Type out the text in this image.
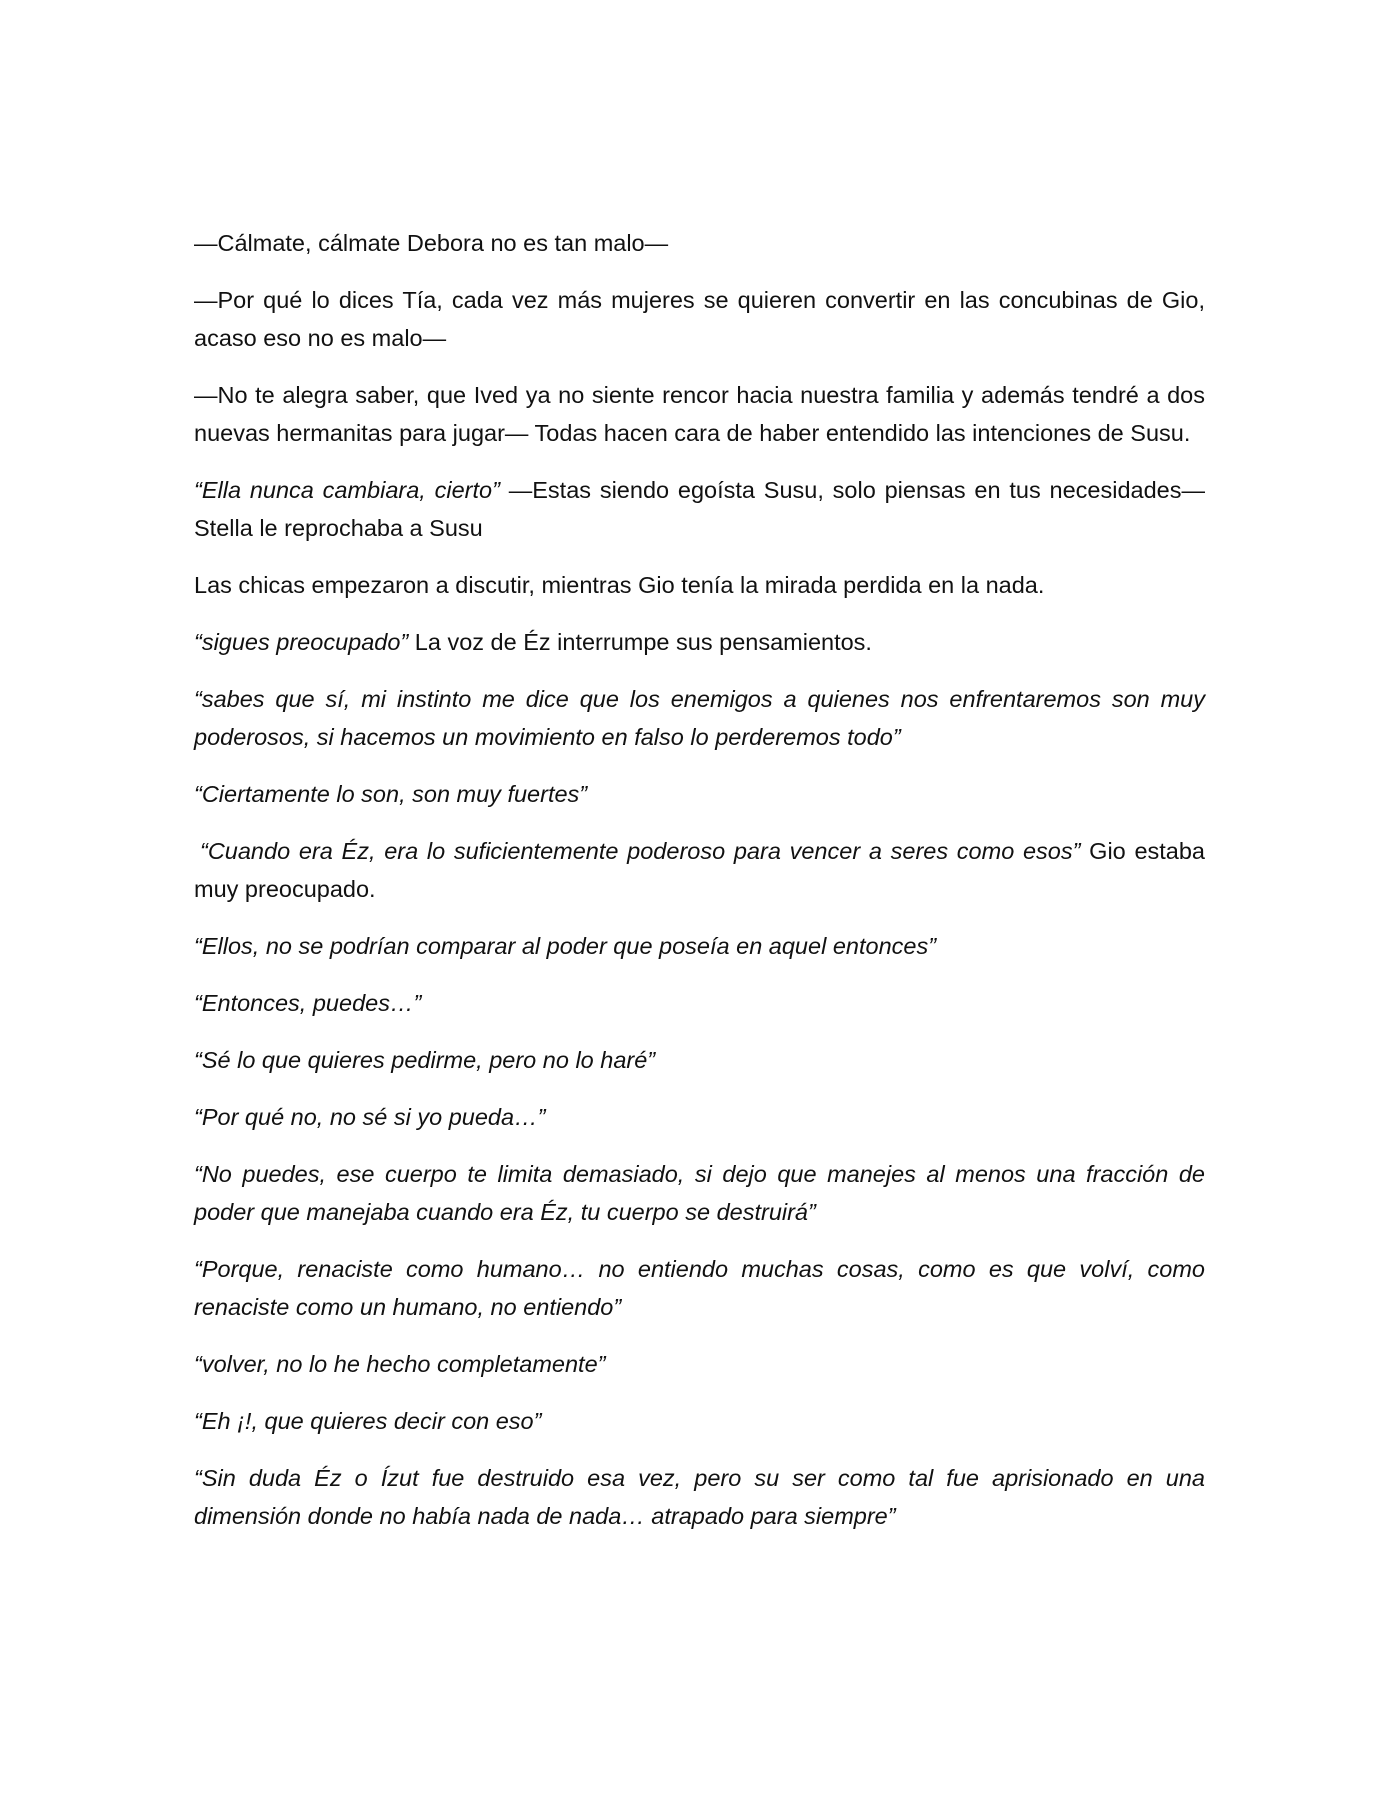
—Cálmate, cálmate Debora no es tan malo—

—Por qué lo dices Tía, cada vez más mujeres se quieren convertir en las concubinas de Gio, acaso eso no es malo—

—No te alegra saber, que Ived ya no siente rencor hacia nuestra familia y además tendré a dos nuevas hermanitas para jugar— Todas hacen cara de haber entendido las intenciones de Susu.

“Ella nunca cambiara, cierto” —Estas siendo egoísta Susu, solo piensas en tus necesidades— Stella le reprochaba a Susu

Las chicas empezaron a discutir, mientras Gio tenía la mirada perdida en la nada.

“sigues preocupado” La voz de Éz interrumpe sus pensamientos.

“sabes que sí, mi instinto me dice que los enemigos a quienes nos enfrentaremos son muy poderosos, si hacemos un movimiento en falso lo perderemos todo”

“Ciertamente lo son, son muy fuertes”

“Cuando era Éz, era lo suficientemente poderoso para vencer a seres como esos” Gio estaba muy preocupado.

“Ellos, no se podrían comparar al poder que poseía en aquel entonces”

“Entonces, puedes…”

“Sé lo que quieres pedirme, pero no lo haré”

“Por qué no, no sé si yo pueda…”

“No puedes, ese cuerpo te limita demasiado, si dejo que manejes al menos una fracción de poder que manejaba cuando era Éz, tu cuerpo se destruirá”

“Porque, renaciste como humano… no entiendo muchas cosas, como es que volví, como renaciste como un humano, no entiendo”

“volver, no lo he hecho completamente”

“Eh ¡!, que quieres decir con eso”

“Sin duda Éz o Ízut fue destruido esa vez, pero su ser como tal fue aprisionado en una dimensión donde no había nada de nada… atrapado para siempre”
